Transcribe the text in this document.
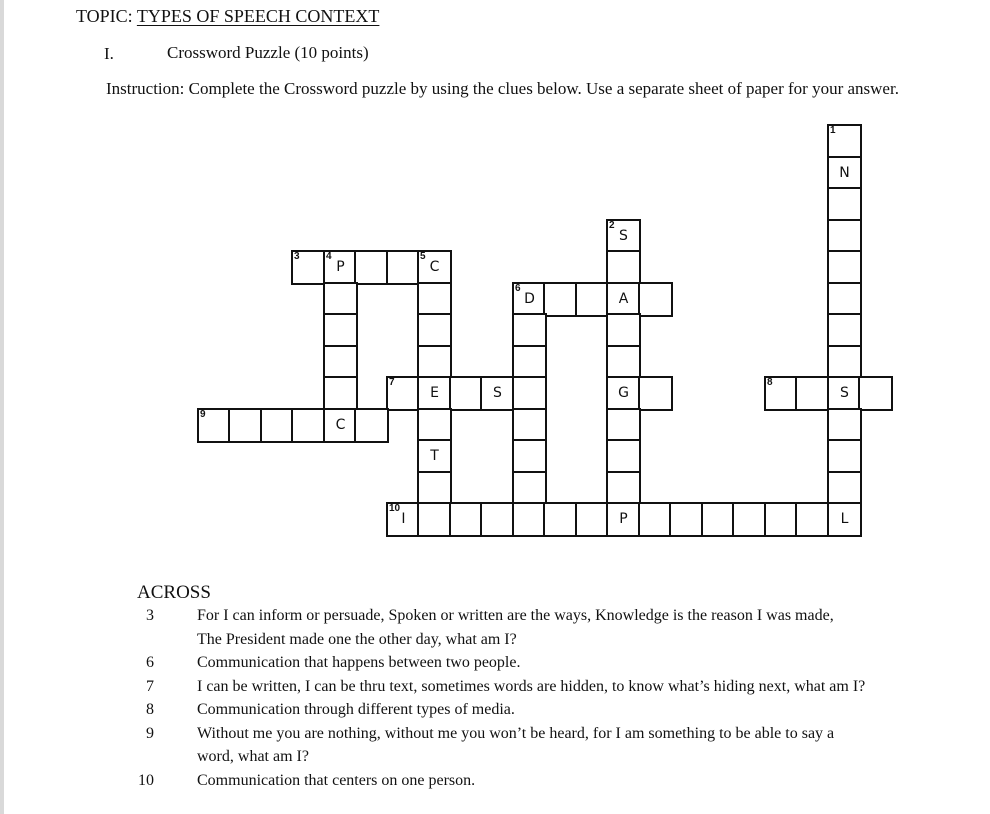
TOPIC: TYPES OF SPEECH CONTEXT
I.	Crossword Puzzle (10 points)
Instruction: Complete the Crossword puzzle by using the clues below. Use a separate sheet of paper for your answer.
1
N
2
S
3	4
P
5
C
6
D	A
7
E	S	G
8
S
9
C
T
10
I	P	L
ACROSS
3	For I can inform or persuade, Spoken or written are the ways, Knowledge is the reason I was made,
The President made one the other day, what am I?
6	Communication that happens between two people.
7	I can be written, I can be thru text, sometimes words are hidden, to know what’s hiding next, what am I?
8	Communication through different types of media.
9	Without me you are nothing, without me you won’t be heard, for I am something to be able to say a
word, what am I?
10	Communication that centers on one person.
